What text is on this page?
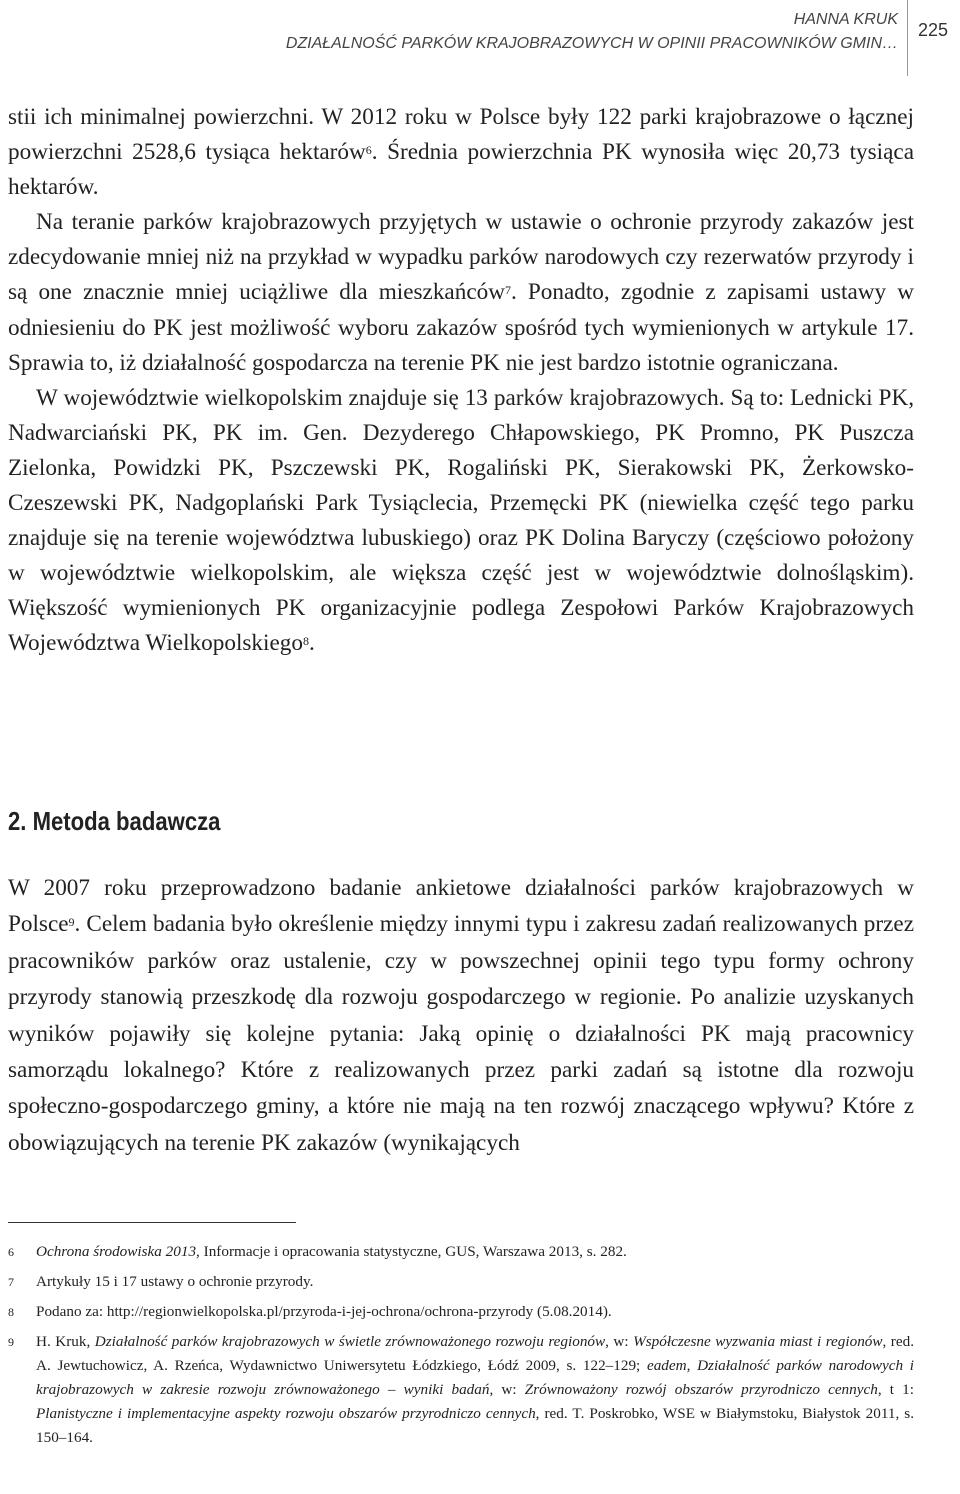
HANNA KRUK
DZIAŁALNOŚĆ PARKÓW KRAJOBRAZOWYCH W OPINII PRACOWNIKÓW GMIN…
225

stii ich minimalnej powierzchni. W 2012 roku w Polsce były 122 parki krajobrazowe o łącznej powierzchni 2528,6 tysiąca hektarów$^6$. Średnia powierzchnia PK wynosiła więc 20,73 tysiąca hektarów.

Na teranie parków krajobrazowych przyjętych w ustawie o ochronie przyrody zakazów jest zdecydowanie mniej niż na przykład w wypadku parków narodowych czy rezerwatów przyrody i są one znacznie mniej uciążliwe dla mieszkańców$^7$. Ponadto, zgodnie z zapisami ustawy w odniesieniu do PK jest możliwość wyboru zakazów spośród tych wymienionych w artykule 17. Sprawia to, iż działalność gospodarcza na terenie PK nie jest bardzo istotnie ograniczana.

W województwie wielkopolskim znajduje się 13 parków krajobrazowych. Są to: Lednicki PK, Nadwarciański PK, PK im. Gen. Dezyderego Chłapowskiego, PK Promno, PK Puszcza Zielonka, Powidzki PK, Pszczewski PK, Rogaliński PK, Sierakowski PK, Żerkowsko-Czeszewski PK, Nadgoplański Park Tysiąclecia, Przemęcki PK (niewielka część tego parku znajduje się na terenie województwa lubuskiego) oraz PK Dolina Baryczy (częściowo położony w województwie wielkopolskim, ale większa część jest w województwie dolnośląskim). Większość wymienionych PK organizacyjnie podlega Zespołowi Parków Krajobrazowych Województwa Wielkopolskiego$^8$.

2. Metoda badawcza

W 2007 roku przeprowadzono badanie ankietowe działalności parków krajobrazowych w Polsce$^9$. Celem badania było określenie między innymi typu i zakresu zadań realizowanych przez pracowników parków oraz ustalenie, czy w powszechnej opinii tego typu formy ochrony przyrody stanowią przeszkodę dla rozwoju gospodarczego w regionie. Po analizie uzyskanych wyników pojawiły się kolejne pytania: Jaką opinię o działalności PK mają pracownicy samorządu lokalnego? Które z realizowanych przez parki zadań są istotne dla rozwoju społeczno-gospodarczego gminy, a które nie mają na ten rozwój znaczącego wpływu? Które z obowiązujących na terenie PK zakazów (wynikających

6 Ochrona środowiska 2013, Informacje i opracowania statystyczne, GUS, Warszawa 2013, s. 282.
7 Artykuły 15 i 17 ustawy o ochronie przyrody.
8 Podano za: http://regionwielkopolska.pl/przyroda-i-jej-ochrona/ochrona-przyrody (5.08.2014).
9 H. Kruk, Działalność parków krajobrazowych w świetle zrównoważonego rozwoju regionów, w: Współczesne wyzwania miast i regionów, red. A. Jewtuchowicz, A. Rzeńca, Wydawnictwo Uniwersytetu Łódzkiego, Łódź 2009, s. 122–129; eadem, Działalność parków narodowych i krajobrazowych w zakresie rozwoju zrównoważonego – wyniki badań, w: Zrównoważony rozwój obszarów przyrodniczo cennych, t 1: Planistyczne i implementacyjne aspekty rozwoju obszarów przyrodniczo cennych, red. T. Poskrobko, WSE w Białymstoku, Białystok 2011, s. 150–164.
